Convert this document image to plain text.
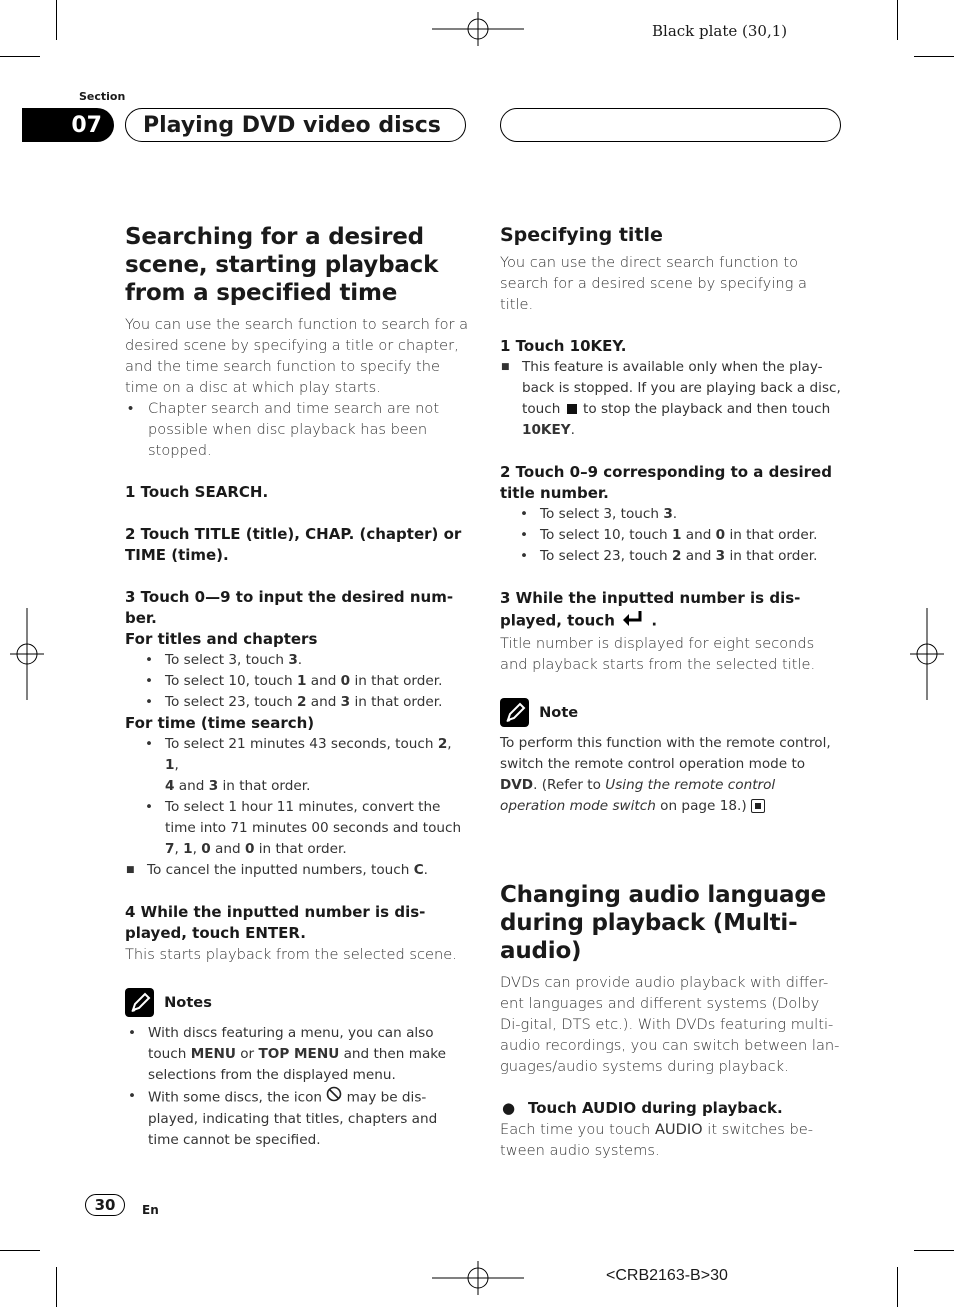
Black plate (30,1)
Section
07	Playing DVD video discs
Searching for a desired scene, starting playback from a specified time

You can use the search function to search for a desired scene by specifying a title or chapter, and the time search function to specify the time on a disc at which play starts.

• Chapter search and time search are not possible when disc playback has been stopped.

1 Touch SEARCH.

2 Touch TITLE (title), CHAP. (chapter) or TIME (time).

3 Touch 0—9 to input the desired num-

ber.

For titles and chapters

• To select 3, touch 3.

• To select 10, touch 1 and 0 in that order.

• To select 23, touch 2 and 3 in that order.

For time (time search)

• To select 21 minutes 43 seconds, touch 2, 1,
4 and 3 in that order.

• To select 1 hour 11 minutes, convert the time into 71 minutes 00 seconds and touch
7, 1, 0 and 0 in that order.

■ To cancel the inputted numbers, touch C.

4 While the inputted number is dis-

played, touch ENTER.

This starts playback from the selected scene.

Notes

• With discs featuring a menu, you can also touch MENU or TOP MENU and then make selections from the displayed menu.

• With some discs, the icon  may be dis-played, indicating that titles, chapters and time cannot be specified.

Specifying title

You can use the direct search function to search for a desired scene by specifying a title.

1 Touch 10KEY.

■ This feature is available only when the play-back is stopped. If you are playing back a disc, touch  to stop the playback and then touch 10KEY.

2 Touch 0–9 corresponding to a desired

title number.

• To select 3, touch 3.

• To select 10, touch 1 and 0 in that order.

• To select 23, touch 2 and 3 in that order.

3 While the inputted number is dis-

played, touch  .

Title number is displayed for eight seconds and playback starts from the selected title.

Note

To perform this function with the remote control, switch the remote control operation mode to DVD. (Refer to Using the remote control operation mode switch on page 18.)

Changing audio language during playback (Multi-audio)

DVDs can provide audio playback with differ-ent languages and different systems (Dolby Di-gital, DTS etc.). With DVDs featuring multi-audio recordings, you can switch between lan-guages/audio systems during playback.

● Touch AUDIO during playback.

Each time you touch AUDIO it switches be-tween audio systems.

30	En
<CRB2163-B>30
